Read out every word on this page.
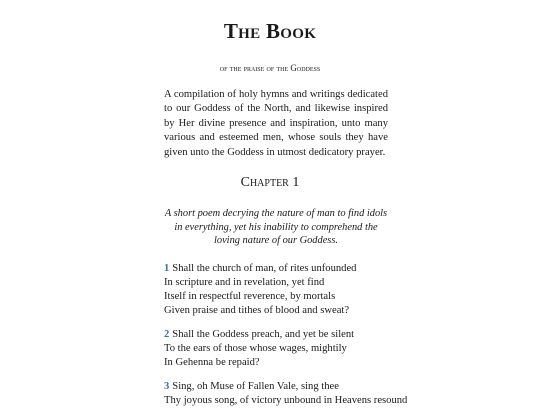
The Book

of the praise of the Goddess

A compilation of holy hymns and writings dedicated to our Goddess of the North, and likewise inspired by Her divine presence and inspiration, unto many various and esteemed men, whose souls they have given unto the Goddess in utmost dedicatory prayer.

Chapter 1

A short poem decrying the nature of man to find idols in everything, yet his inability to comprehend the loving nature of our Goddess.

1 Shall the church of man, of rites unfounded
In scripture and in revelation, yet find
Itself in respectful reverence, by mortals
Given praise and tithes of blood and sweat?
2 Shall the Goddess preach, and yet be silent
To the ears of those whose wages, mightily
In Gehenna be repaid?
3 Sing, oh Muse of Fallen Vale, sing thee
Thy joyous song, of victory unbound in Heavens resound
